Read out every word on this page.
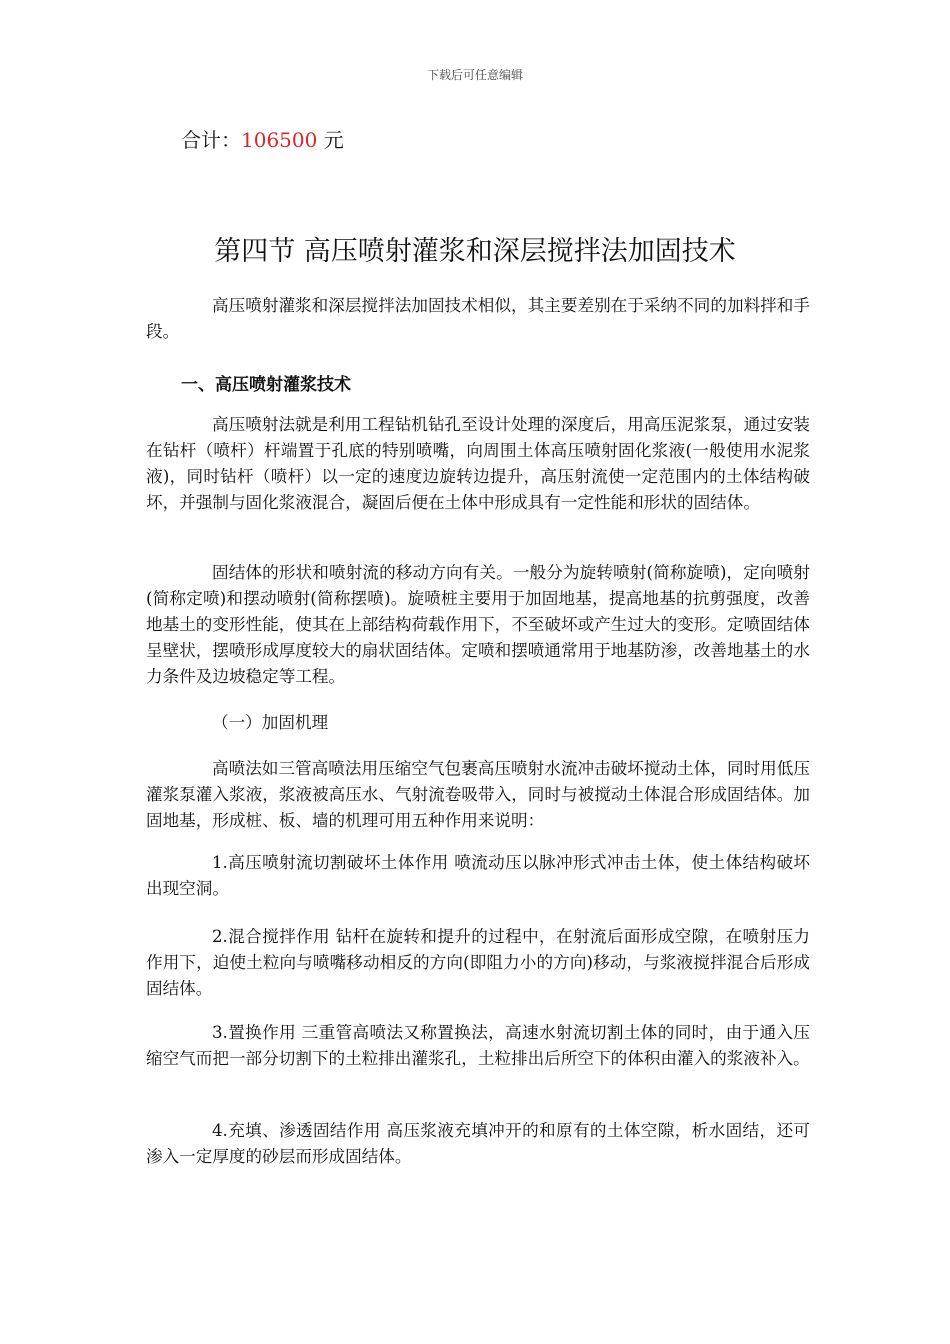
下载后可任意编辑
合计：106500 元
第四节 高压喷射灌浆和深层搅拌法加固技术

高压喷射灌浆和深层搅拌法加固技术相似，其主要差别在于采纳不同的加料拌和手段。

一、高压喷射灌浆技术

高压喷射法就是利用工程钻机钻孔至设计处理的深度后，用高压泥浆泵，通过安装在钻杆（喷杆）杆端置于孔底的特别喷嘴，向周围土体高压喷射固化浆液(一般使用水泥浆液)，同时钻杆（喷杆）以一定的速度边旋转边提升，高压射流使一定范围内的土体结构破坏，并强制与固化浆液混合，凝固后便在土体中形成具有一定性能和形状的固结体。

固结体的形状和喷射流的移动方向有关。一般分为旋转喷射(简称旋喷)，定向喷射(简称定喷)和摆动喷射(简称摆喷)。旋喷桩主要用于加固地基，提高地基的抗剪强度，改善地基土的变形性能，使其在上部结构荷载作用下，不至破坏或产生过大的变形。定喷固结体呈壁状，摆喷形成厚度较大的扇状固结体。定喷和摆喷通常用于地基防渗，改善地基土的水力条件及边坡稳定等工程。

（一）加固机理

高喷法如三管高喷法用压缩空气包裹高压喷射水流冲击破坏搅动土体，同时用低压灌浆泵灌入浆液，浆液被高压水、气射流卷吸带入，同时与被搅动土体混合形成固结体。加固地基，形成桩、板、墙的机理可用五种作用来说明：

1.高压喷射流切割破坏土体作用 喷流动压以脉冲形式冲击土体，使土体结构破坏出现空洞。

2.混合搅拌作用 钻杆在旋转和提升的过程中，在射流后面形成空隙，在喷射压力作用下，迫使土粒向与喷嘴移动相反的方向(即阻力小的方向)移动，与浆液搅拌混合后形成固结体。

3.置换作用 三重管高喷法又称置换法，高速水射流切割土体的同时，由于通入压缩空气而把一部分切割下的土粒排出灌浆孔，土粒排出后所空下的体积由灌入的浆液补入。

4.充填、渗透固结作用 高压浆液充填冲开的和原有的土体空隙，析水固结，还可渗入一定厚度的砂层而形成固结体。
